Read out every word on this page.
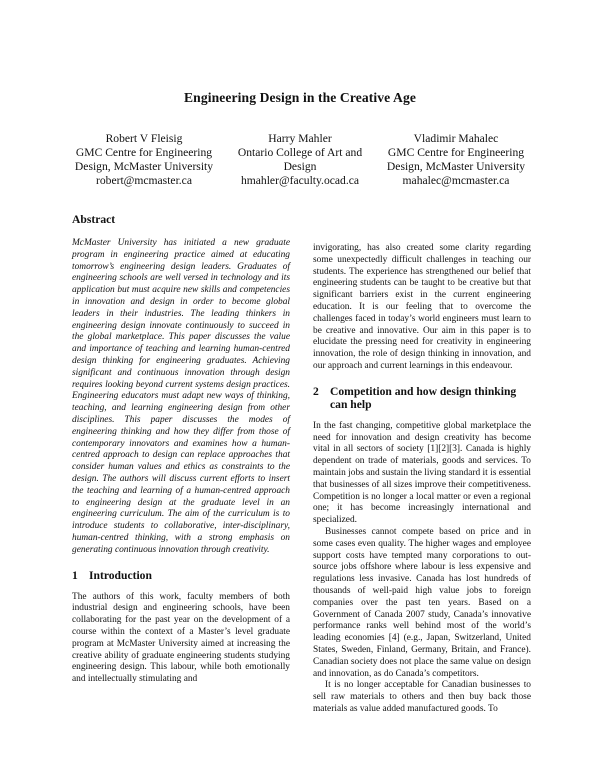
Engineering Design in the Creative Age
Robert V Fleisig
GMC Centre for Engineering
Design, McMaster University
robert@mcmaster.ca
Harry Mahler
Ontario College of Art and
Design
hmahler@faculty.ocad.ca
Vladimir Mahalec
GMC Centre for Engineering
Design, McMaster University
mahalec@mcmaster.ca
Abstract

McMaster University has initiated a new graduate program in engineering practice aimed at educating tomorrow’s engineering design leaders. Graduates of engineering schools are well versed in technology and its application but must acquire new skills and competencies in innovation and design in order to become global leaders in their industries. The leading thinkers in engineering design innovate continuously to succeed in the global marketplace. This paper discusses the value and importance of teaching and learning human-centred design thinking for engineering graduates. Achieving significant and continuous innovation through design requires looking beyond current systems design practices. Engineering educators must adapt new ways of thinking, teaching, and learning engineering design from other disciplines. This paper discusses the modes of engineering thinking and how they differ from those of contemporary innovators and examines how a human-centred approach to design can replace approaches that consider human values and ethics as constraints to the design. The authors will discuss current efforts to insert the teaching and learning of a human-centred approach to engineering design at the graduate level in an engineering curriculum. The aim of the curriculum is to introduce students to collaborative, inter-disciplinary, human-centred thinking, with a strong emphasis on generating continuous innovation through creativity.

1 Introduction

The authors of this work, faculty members of both industrial design and engineering schools, have been collaborating for the past year on the development of a course within the context of a Master’s level graduate program at McMaster University aimed at increasing the creative ability of graduate engineering students studying engineering design. This labour, while both emotionally and intellectually stimulating and

invigorating, has also created some clarity regarding some unexpectedly difficult challenges in teaching our students. The experience has strengthened our belief that engineering students can be taught to be creative but that significant barriers exist in the current engineering education. It is our feeling that to overcome the challenges faced in today’s world engineers must learn to be creative and innovative. Our aim in this paper is to elucidate the pressing need for creativity in engineering innovation, the role of design thinking in innovation, and our approach and current learnings in this endeavour.

2 Competition and how design thinking can help

In the fast changing, competitive global marketplace the need for innovation and design creativity has become vital in all sectors of society [1][2][3]. Canada is highly dependent on trade of materials, goods and services. To maintain jobs and sustain the living standard it is essential that businesses of all sizes improve their competitiveness. Competition is no longer a local matter or even a regional one; it has become increasingly international and specialized.

Businesses cannot compete based on price and in some cases even quality. The higher wages and employee support costs have tempted many corporations to out-source jobs offshore where labour is less expensive and regulations less invasive. Canada has lost hundreds of thousands of well-paid high value jobs to foreign companies over the past ten years. Based on a Government of Canada 2007 study, Canada’s innovative performance ranks well behind most of the world’s leading economies [4] (e.g., Japan, Switzerland, United States, Sweden, Finland, Germany, Britain, and France). Canadian society does not place the same value on design and innovation, as do Canada’s competitors.

It is no longer acceptable for Canadian businesses to sell raw materials to others and then buy back those materials as value added manufactured goods. To
